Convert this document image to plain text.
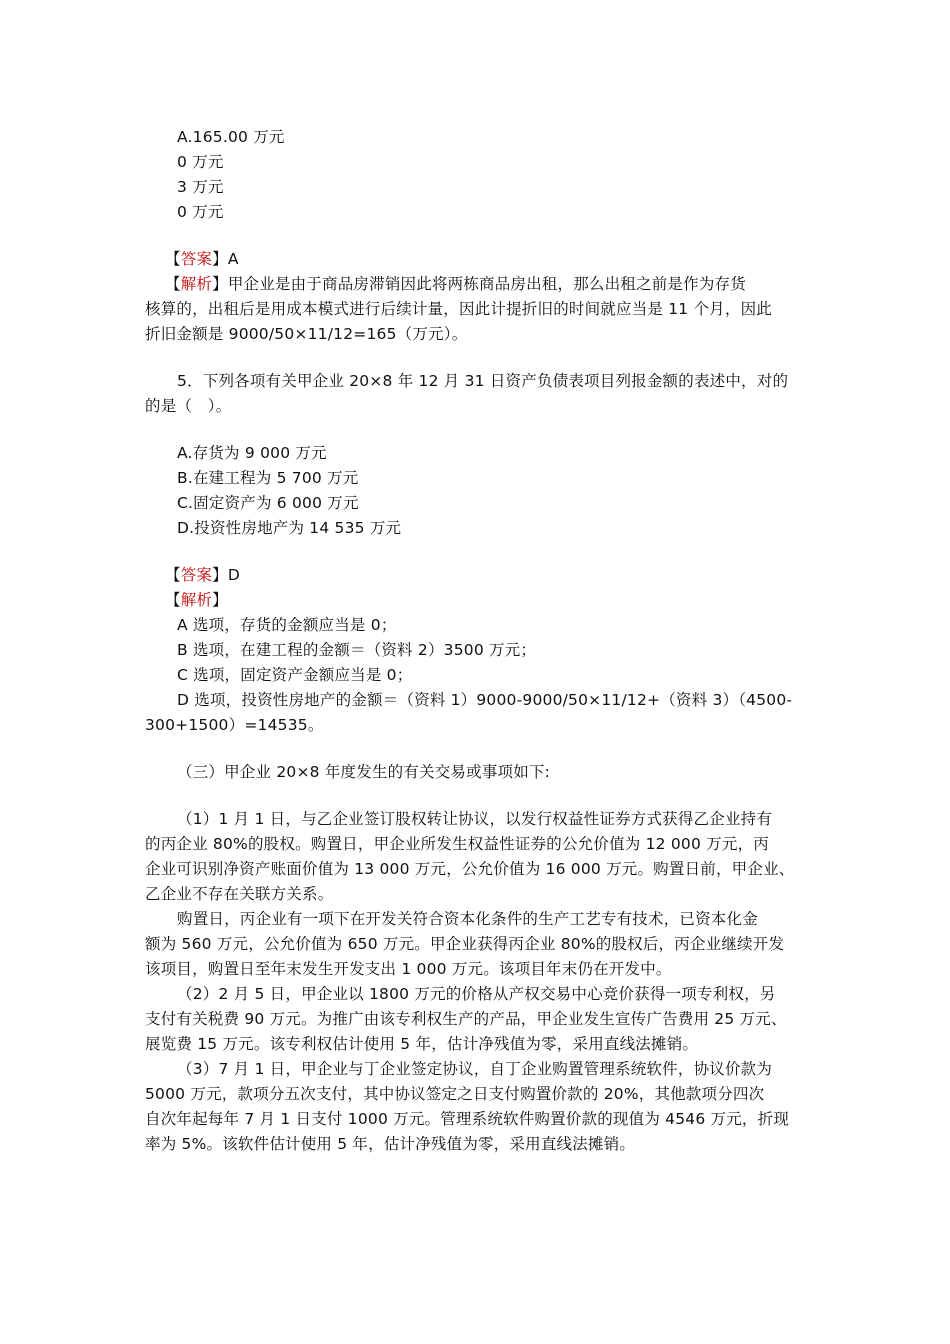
A.165.00 万元
0 万元
3 万元
0 万元
【答案】A
【解析】甲企业是由于商品房滞销因此将两栋商品房出租，那么出租之前是作为存货
核算的，出租后是用成本模式进行后续计量，因此计提折旧的时间就应当是 11 个月，因此
折旧金额是 9000/50×11/12=165（万元）。
5．下列各项有关甲企业 20×8 年 12 月 31 日资产负债表项目列报金额的表述中，对的
的是（　）。
A.存货为 9 000 万元
B.在建工程为 5 700 万元
C.固定资产为 6 000 万元
D.投资性房地产为 14 535 万元
【答案】D
【解析】
A 选项，存货的金额应当是 0；
B 选项，在建工程的金额＝（资料 2）3500 万元；
C 选项，固定资产金额应当是 0；
D 选项，投资性房地产的金额＝（资料 1）9000-9000/50×11/12+（资料 3）（4500-
300+1500）=14535。
（三）甲企业 20×8 年度发生的有关交易或事项如下:
（1）1 月 1 日，与乙企业签订股权转让协议，以发行权益性证券方式获得乙企业持有
的丙企业 80%的股权。购置日，甲企业所发生权益性证券的公允价值为 12 000 万元，丙
企业可识别净资产账面价值为 13 000 万元，公允价值为 16 000 万元。购置日前，甲企业、
乙企业不存在关联方关系。
购置日，丙企业有一项下在开发关符合资本化条件的生产工艺专有技术，已资本化金
额为 560 万元，公允价值为 650 万元。甲企业获得丙企业 80%的股权后，丙企业继续开发
该项目，购置日至年末发生开发支出 1 000 万元。该项目年末仍在开发中。
（2）2 月 5 日，甲企业以 1800 万元的价格从产权交易中心竞价获得一项专利权，另
支付有关税费 90 万元。为推广由该专利权生产的产品，甲企业发生宣传广告费用 25 万元、
展览费 15 万元。该专利权估计使用 5 年，估计净残值为零，采用直线法摊销。
（3）7 月 1 日，甲企业与丁企业签定协议，自丁企业购置管理系统软件，协议价款为
5000 万元，款项分五次支付，其中协议签定之日支付购置价款的 20%，其他款项分四次
自次年起每年 7 月 1 日支付 1000 万元。管理系统软件购置价款的现值为 4546 万元，折现
率为 5%。该软件估计使用 5 年，估计净残值为零，采用直线法摊销。
